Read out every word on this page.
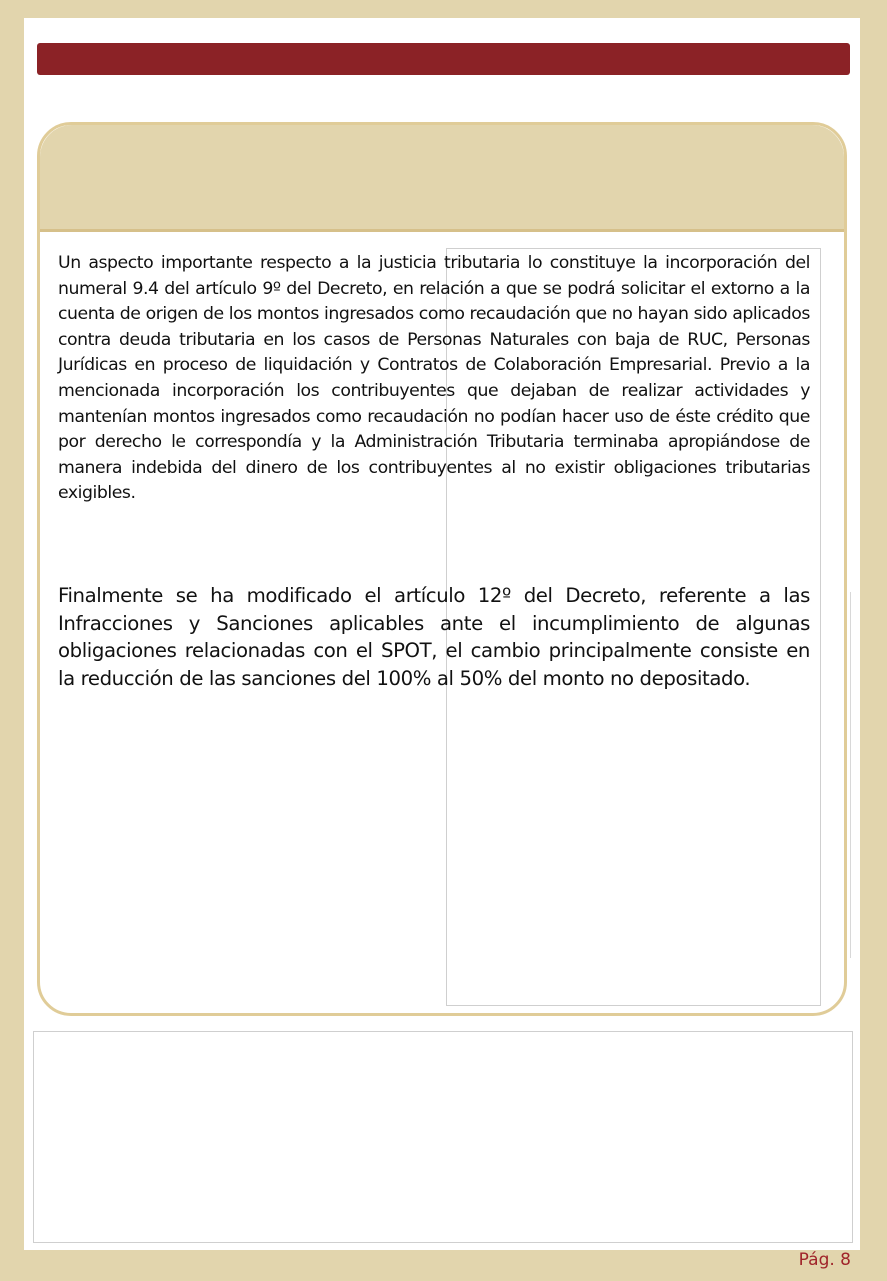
Un aspecto importante respecto a la justicia tributaria lo constituye la incorporación del numeral 9.4 del artículo 9º del Decreto, en relación a que se podrá solicitar el extorno a la cuenta de origen de los montos ingresados como recaudación que no hayan sido aplicados contra deuda tributaria en los casos de Personas Naturales con baja de RUC, Personas Jurídicas en proceso de liquidación y Contratos de Colaboración Empresarial. Previo a la mencionada incorporación los contribuyentes que dejaban de realizar actividades y mantenían montos ingresados como recaudación no podían hacer uso de éste crédito que por derecho le correspondía y la Administración Tributaria terminaba apropiándose de manera indebida del dinero de los contribuyentes al no existir obligaciones tributarias exigibles.

Finalmente se ha modificado el artículo 12º del Decreto, referente a las Infracciones y Sanciones aplicables ante el incumplimiento de algunas obligaciones relacionadas con el SPOT, el cambio principalmente consiste en la reducción de las sanciones del 100% al 50% del monto no depositado.

Pág. 8
